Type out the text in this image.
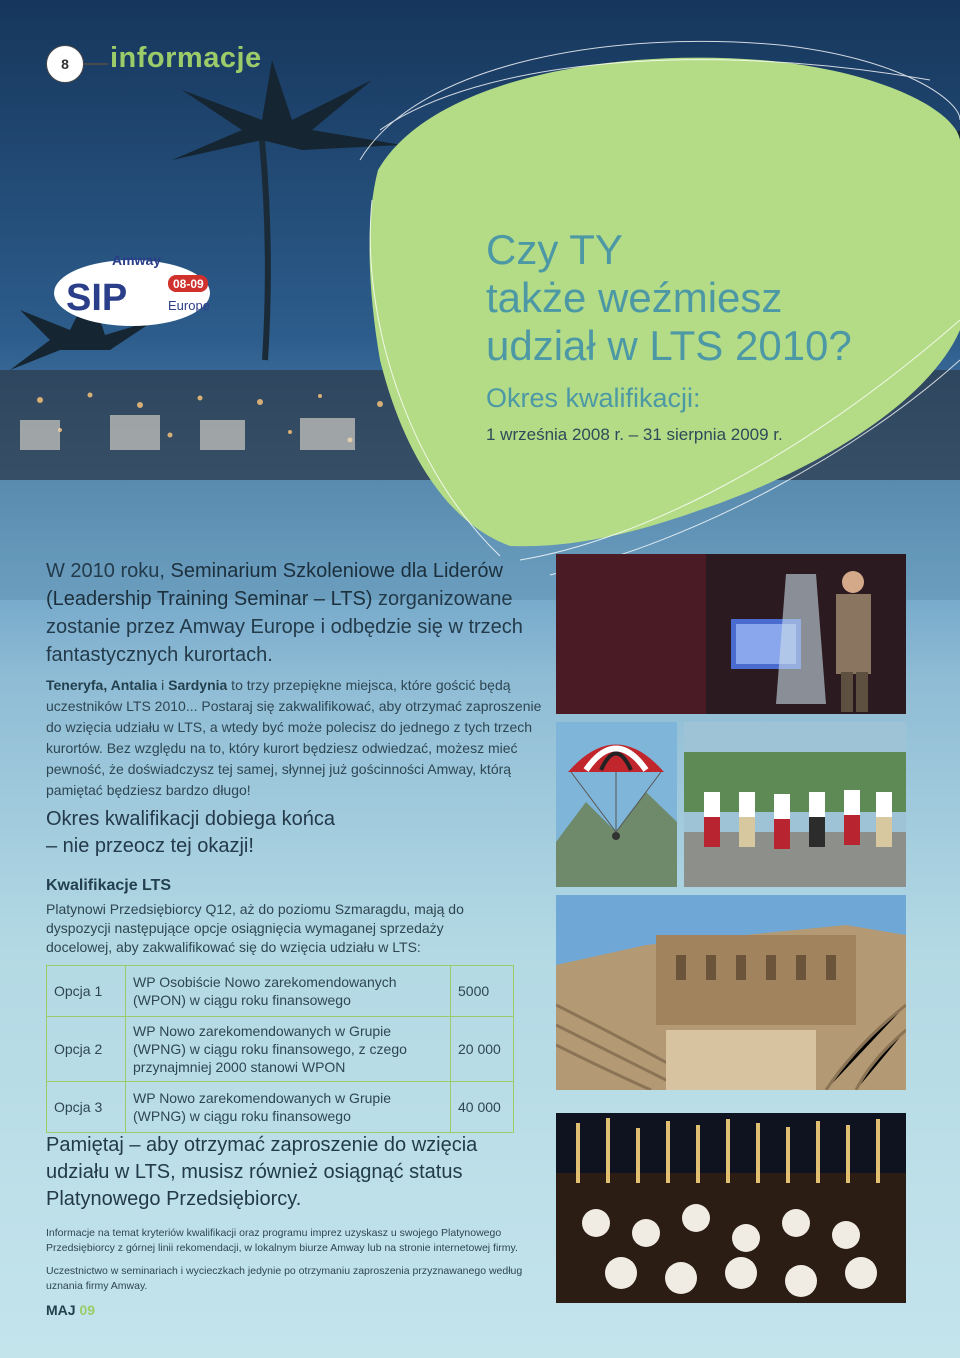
8	informacje
Amway
SIP	08-09
Europe
Czy TY
także weźmiesz
udział w LTS 2010?
Okres kwalifikacji:
1 września 2008 r. – 31 sierpnia 2009 r.

W 2010 roku, Seminarium Szkoleniowe dla Liderów (Leadership Training Seminar – LTS) zorganizowane zostanie przez Amway Europe i odbędzie się w trzech fantastycznych kurortach.

Teneryfa, Antalia i Sardynia to trzy przepiękne miejsca, które gościć będą uczestników LTS 2010... Postaraj się zakwalifikować, aby otrzymać zaproszenie do wzięcia udziału w LTS, a wtedy być może polecisz do jednego z tych trzech kurortów. Bez względu na to, który kurort będziesz odwiedzać, możesz mieć pewność, że doświadczysz tej samej, słynnej już gościnności Amway, którą pamiętać będziesz bardzo długo!

Okres kwalifikacji dobiega końca
– nie przeocz tej okazji!
Kwalifikacje LTS

Platynowi Przedsiębiorcy Q12, aż do poziomu Szmaragdu, mają do dyspozycji następujące opcje osiągnięcia wymaganej sprzedaży docelowej, aby zakwalifikować się do wzięcia udziału w LTS:

Opcja 1	WP Osobiście Nowo zarekomendowanych (WPON) w ciągu roku finansowego	5000
Opcja 2	WP Nowo zarekomendowanych w Grupie (WPNG) w ciągu roku finansowego, z czego przynajmniej 2000 stanowi WPON	20 000
Opcja 3	WP Nowo zarekomendowanych w Grupie (WPNG) w ciągu roku finansowego	40 000
Pamiętaj – aby otrzymać zaproszenie do wzięcia udziału w LTS, musisz również osiągnąć status Platynowego Przedsiębiorcy.

Informacje na temat kryteriów kwalifikacji oraz programu imprez uzyskasz u swojego Platynowego Przedsiębiorcy z górnej linii rekomendacji, w lokalnym biurze Amway lub na stronie internetowej firmy.

Uczestnictwo w seminariach i wycieczkach jedynie po otrzymaniu zaproszenia przyznawanego według uznania firmy Amway.

MAJ 09
